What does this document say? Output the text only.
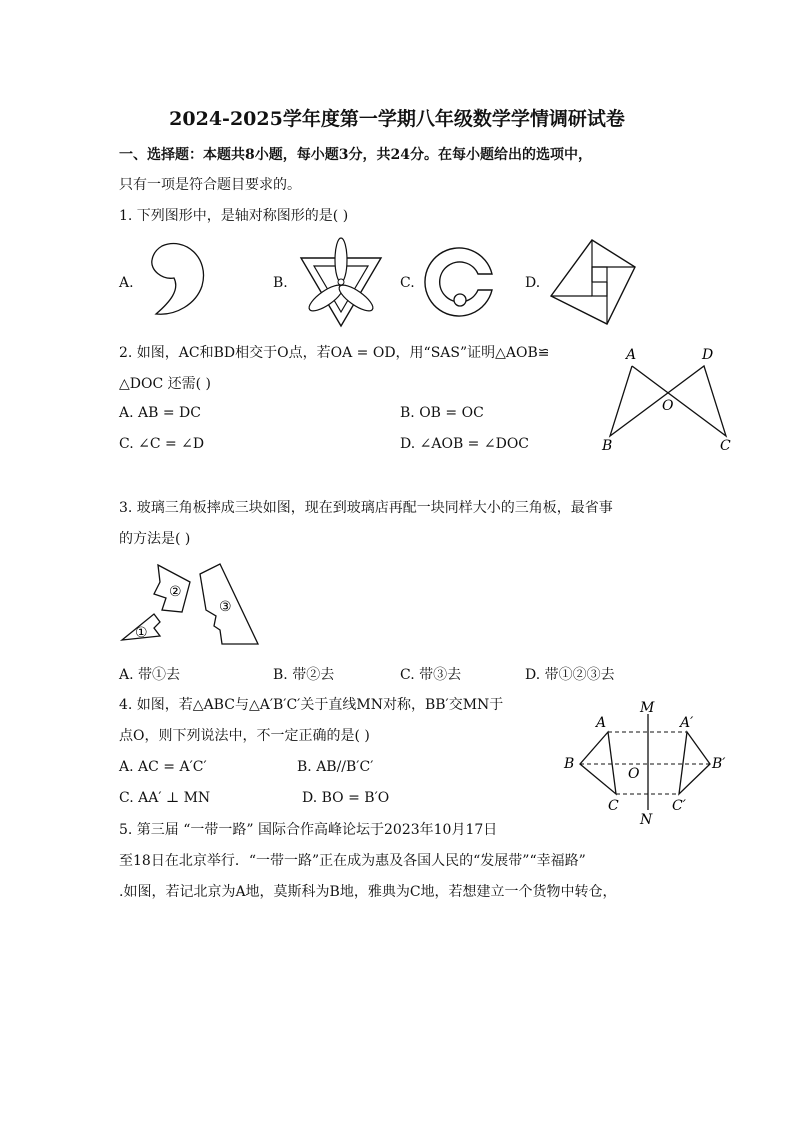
2024-2025学年度第一学期八年级数学学情调研试卷
一、选择题：本题共8小题，每小题3分，共24分。在每小题给出的选项中，
只有一项是符合题目要求的。
1. 下列图形中，是轴对称图形的是( )
A.	B.	C.	D.
2. 如图，AC和BD相交于O点，若OA = OD，用“SAS”证明△AOB≌
△DOC 还需( )
A. AB = DC	B. OB = OC
C. ∠C = ∠D	D. ∠AOB = ∠DOC
A	D
O
B	C
3. 玻璃三角板摔成三块如图，现在到玻璃店再配一块同样大小的三角板，最省事
的方法是( )
②
③
①
A. 带①去	B. 带②去	C. 带③去	D. 带①②③去
4. 如图，若△ABC与△A′B′C′关于直线MN对称，BB′交MN于
点O，则下列说法中，不一定正确的是( )
A. AC = A′C′	B. AB//B′C′
C. AA′ ⊥ MN	D. BO = B′O
A
M
A′
B
O
B′
C	C′
N
5. 第三届 “一带一路” 国际合作高峰论坛于2023年10月17日
至18日在北京举行．“一带一路”正在成为惠及各国人民的“发展带”“幸福路”
.如图，若记北京为A地，莫斯科为B地，雅典为C地，若想建立一个货物中转仓，
